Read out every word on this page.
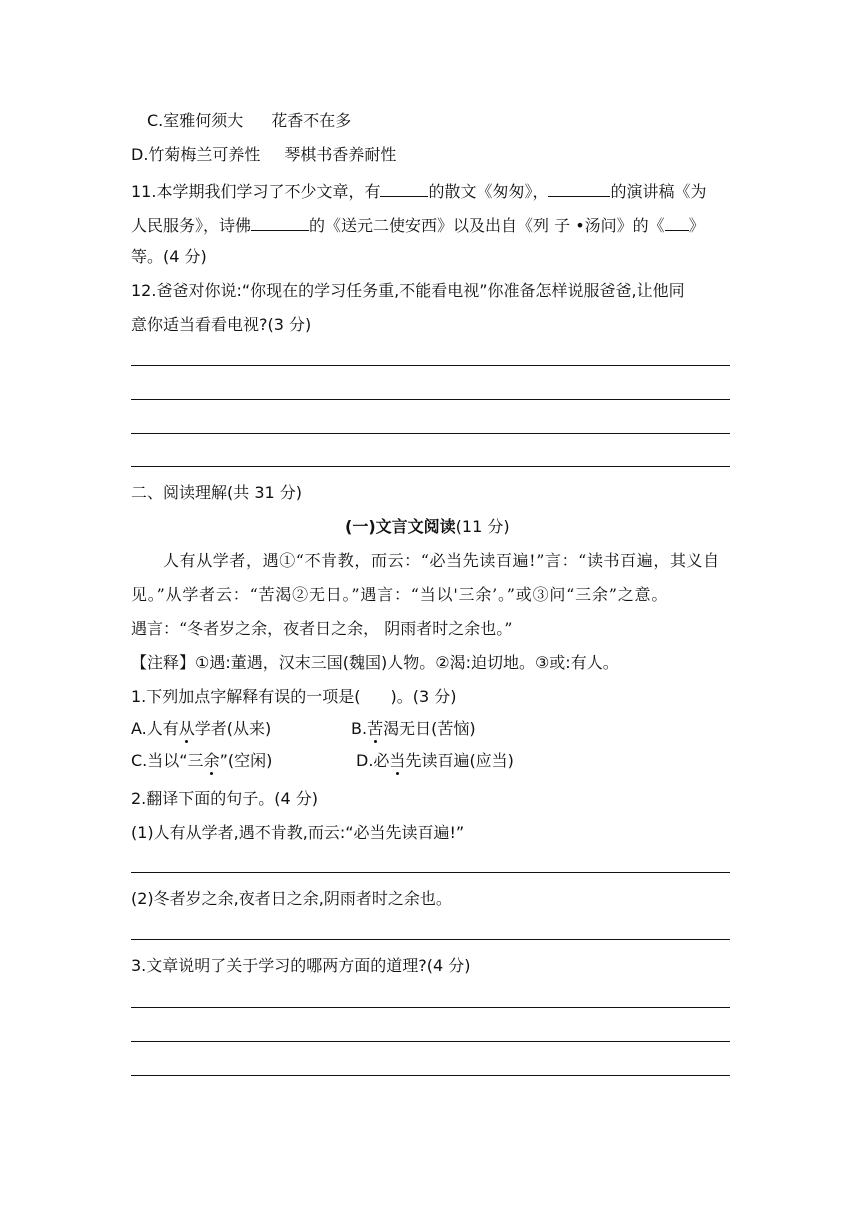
C.室雅何须大 花香不在多
D.竹菊梅兰可养性 琴棋书香养耐性
11.本学期我们学习了不少文章，有	的散文《匆匆》，	的演讲稿《为
人民服务》，诗佛	的《送元二使安西》以及出自《列 子 •汤问》的《 》
等。(4 分)
12.爸爸对你说:“你现在的学习任务重,不能看电视”你准备怎样说服爸爸,让他同
意你适当看看电视?(3 分)
二、阅读理解(共 31 分)
(一)文言文阅读(11 分)
人有从学者，遇①“不肯教，而云：“必当先读百遍!”言：“读书百遍，其义自
见。”从学者云：“苦渴②无日。”遇言：“当以'三余’。”或③问“三余”之意。
遇言：“冬者岁之余，夜者日之余， 阴雨者时之余也。”
【注释】①遇:董遇，汉末三国(魏国)人物。②渴:迫切地。③或:有人。
1.下列加点字解释有误的一项是( )。(3 分)
A.人有从学者(从来)	B.苦渴无日(苦恼)
C.当以“三余”(空闲)	D.必当先读百遍(应当)
2.翻译下面的句子。(4 分)
(1)人有从学者,遇不肯教,而云:“必当先读百遍!”
(2)冬者岁之余,夜者日之余,阴雨者时之余也。
3.文章说明了关于学习的哪两方面的道理?(4 分)
